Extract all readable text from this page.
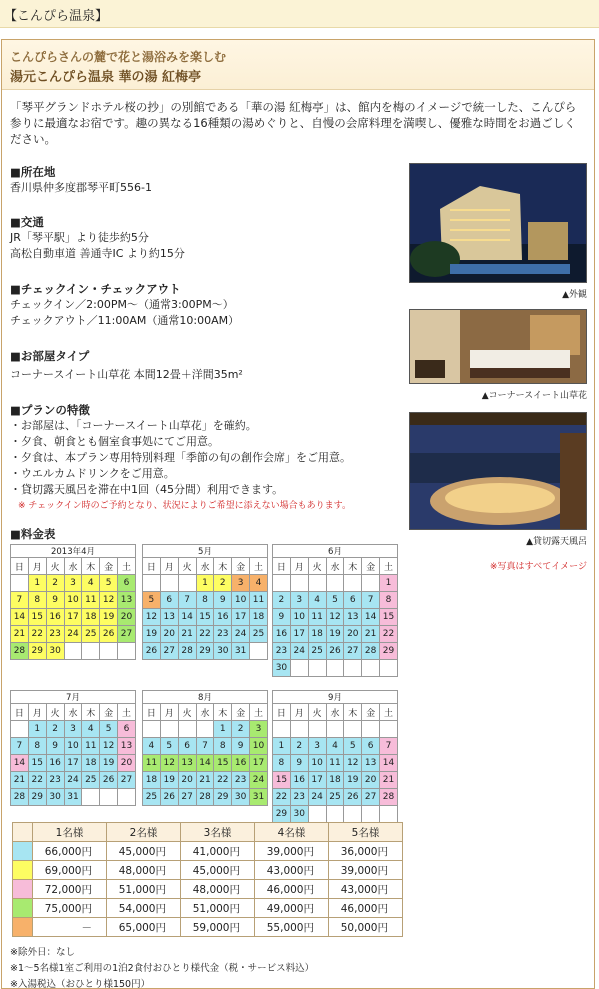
【こんぴら温泉】
こんぴらさんの麓で花と湯浴みを楽しむ
湯元こんぴら温泉 華の湯 紅梅亭
「琴平グランドホテル桜の抄」の別館である「華の湯 紅梅亭」は、館内を梅のイメージで統一した、こんぴら参りに最適なお宿です。趣の異なる16種類の湯めぐりと、自慢の会席料理を満喫し、優雅な時間をお過ごしください。
■所在地
香川県仲多度郡琴平町556-1
■交通
JR「琴平駅」より徒歩約5分
高松自動車道 善通寺IC より約15分
■チェックイン・チェックアウト
チェックイン／2:00PM～（通常3:00PM～）
チェックアウト／11:00AM（通常10:00AM）
■お部屋タイプ
コーナースイート山草花 本間12畳＋洋間35m²
■プランの特徴
・お部屋は、「コーナースイート山草花」を確約。
・夕食、朝食とも個室食事処にてご用意。
・夕食は、本プラン専用特別料理「季節の旬の創作会席」をご用意。
・ウエルカムドリンクをご用意。
・貸切露天風呂を滞在中1回（45分間）利用できます。
※ チェックイン時のご予約となり、状況によりご希望に添えない場合もあります。
▲外観
▲コーナースイート山草花
▲貸切露天風呂
※写真はすべてイメージ
■料金表
2013年4月						
日	月	火	水	木	金	土
	1	2	3	4	5	6
7	8	9	10	11	12	13
14	15	16	17	18	19	20
21	22	23	24	25	26	27
28	29	30				
5月						
日	月	火	水	木	金	土
			1	2	3	4
5	6	7	8	9	10	11
12	13	14	15	16	17	18
19	20	21	22	23	24	25
26	27	28	29	30	31	
6月						
日	月	火	水	木	金	土
						1
2	3	4	5	6	7	8
9	10	11	12	13	14	15
16	17	18	19	20	21	22
23	24	25	26	27	28	29
30						
7月						
日	月	火	水	木	金	土
	1	2	3	4	5	6
7	8	9	10	11	12	13
14	15	16	17	18	19	20
21	22	23	24	25	26	27
28	29	30	31			
8月						
日	月	火	水	木	金	土
				1	2	3
4	5	6	7	8	9	10
11	12	13	14	15	16	17
18	19	20	21	22	23	24
25	26	27	28	29	30	31
9月						
日	月	火	水	木	金	土

1	2	3	4	5	6	7
8	9	10	11	12	13	14
15	16	17	18	19	20	21
22	23	24	25	26	27	28
29	30					
	1名様	2名様	3名様	4名様	5名様
	66,000円	45,000円	41,000円	39,000円	36,000円
	69,000円	48,000円	45,000円	43,000円	39,000円
	72,000円	51,000円	48,000円	46,000円	43,000円
	75,000円	54,000円	51,000円	49,000円	46,000円
	－	65,000円	59,000円	55,000円	50,000円
※除外日：なし
※1～5名様1室ご利用の1泊2食付おひとり様代金（税・サービス料込）
※入湯税込（おひとり様150円）
